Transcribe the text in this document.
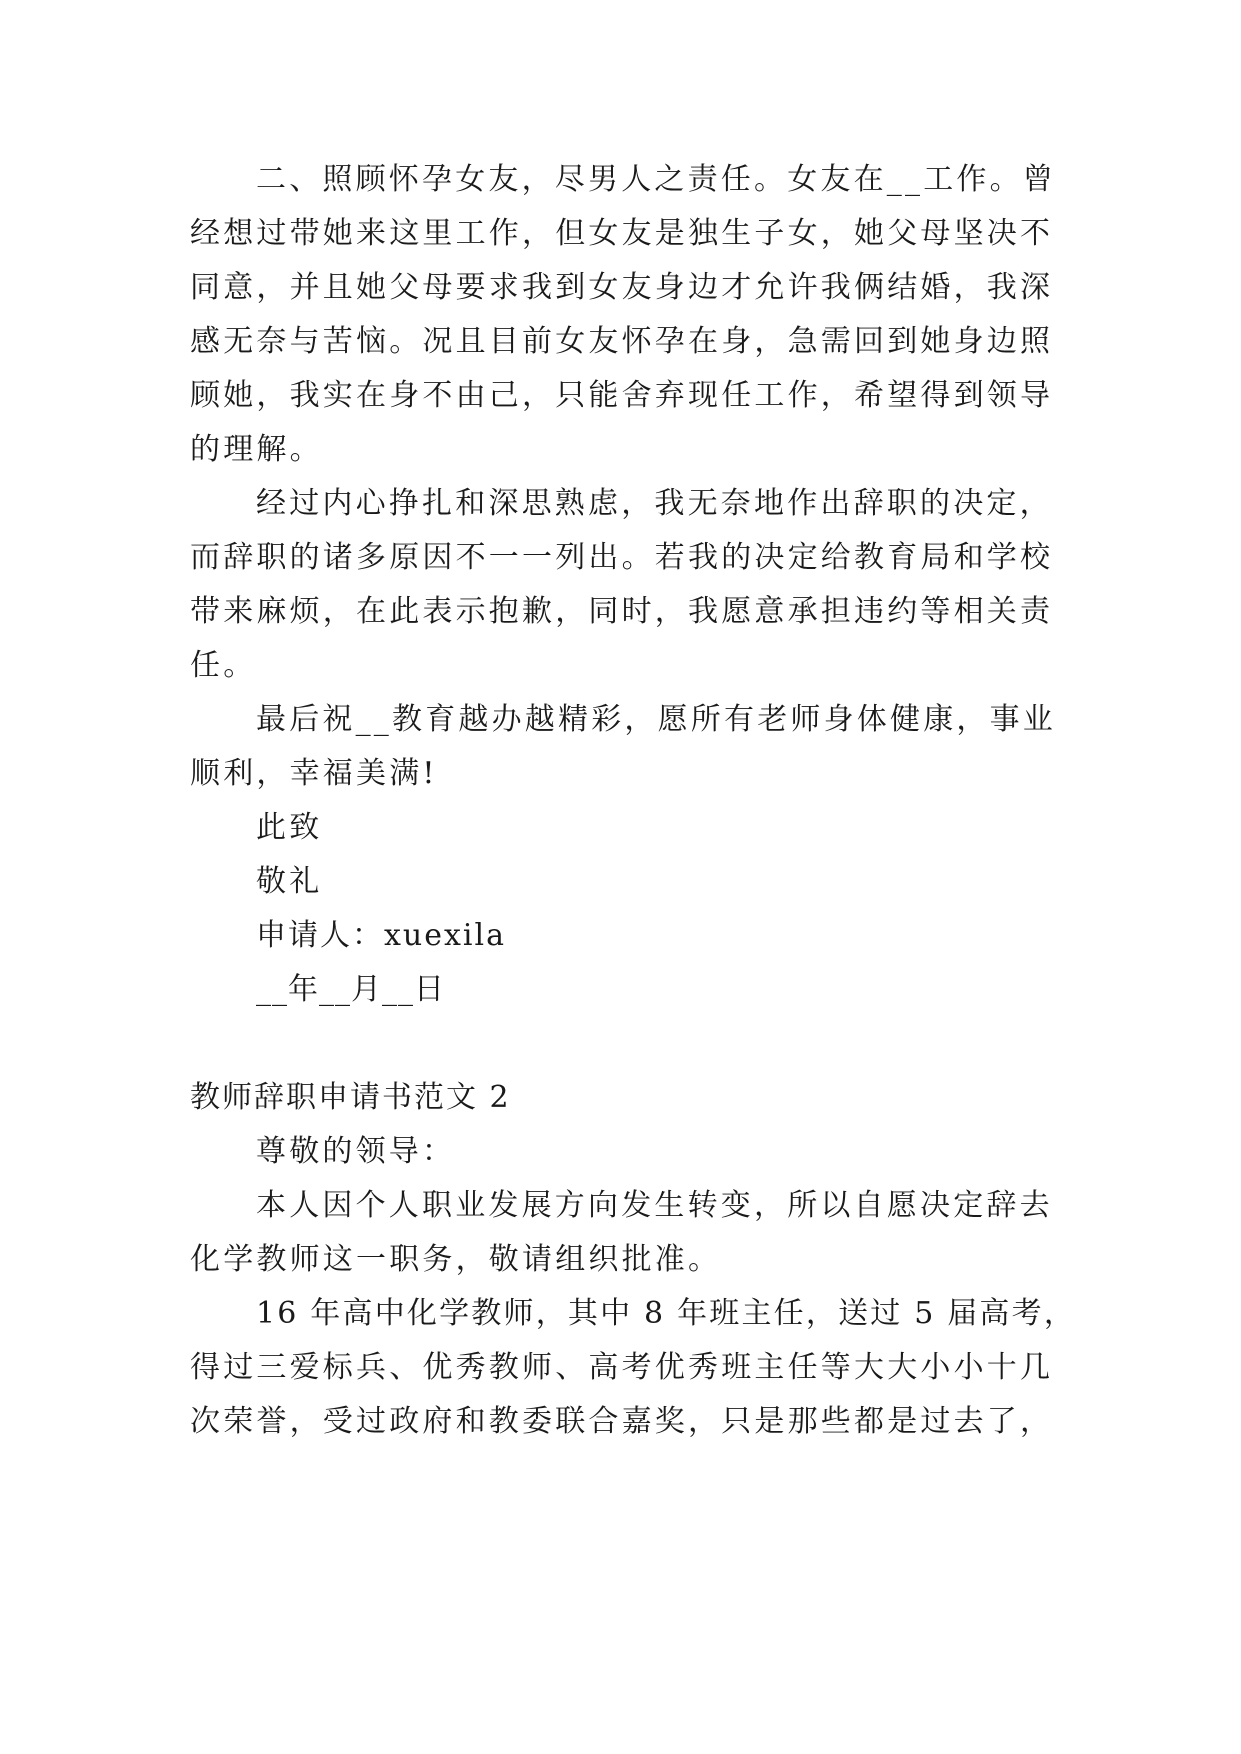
二、照顾怀孕女友，尽男人之责任。女友在__工作。曾
经想过带她来这里工作，但女友是独生子女，她父母坚决不
同意，并且她父母要求我到女友身边才允许我俩结婚，我深
感无奈与苦恼。况且目前女友怀孕在身，急需回到她身边照
顾她，我实在身不由己，只能舍弃现任工作，希望得到领导
的理解。
经过内心挣扎和深思熟虑，我无奈地作出辞职的决定，
而辞职的诸多原因不一一列出。若我的决定给教育局和学校
带来麻烦，在此表示抱歉，同时，我愿意承担违约等相关责
任。
最后祝__教育越办越精彩，愿所有老师身体健康，事业
顺利，幸福美满!
此致
敬礼
申请人：xuexila
__年__月__日
教师辞职申请书范文 2
尊敬的领导：
本人因个人职业发展方向发生转变，所以自愿决定辞去
化学教师这一职务，敬请组织批准。
16 年高中化学教师，其中 8 年班主任，送过 5 届高考，
得过三爱标兵、优秀教师、高考优秀班主任等大大小小十几
次荣誉，受过政府和教委联合嘉奖，只是那些都是过去了，
